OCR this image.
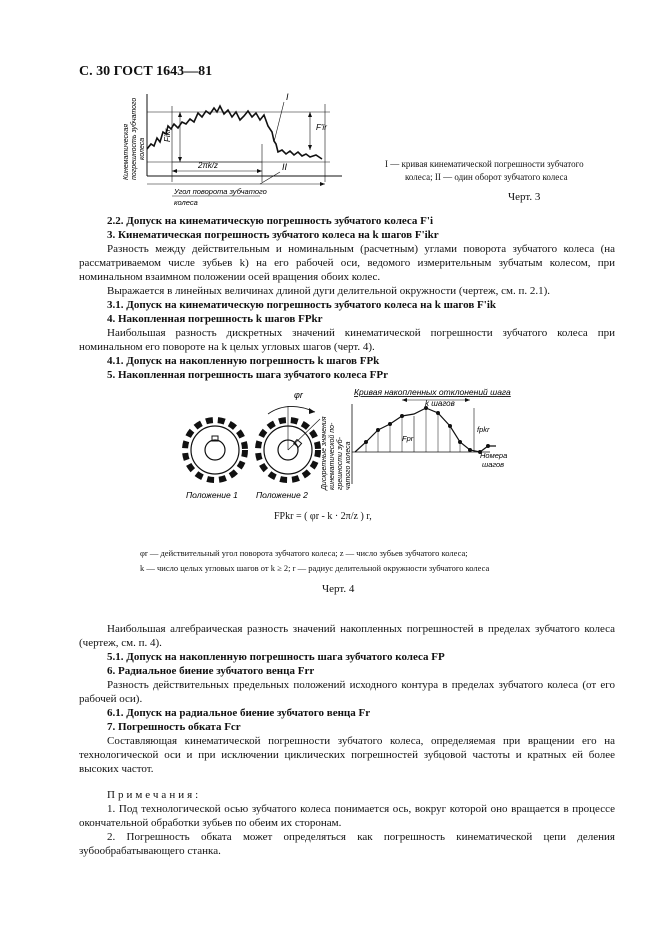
С. 30 ГОСТ 1643—81
Fikr
2πk/z
I
II
F'ir
Угол поворота зубчатого
колеса
Кинематическая погрешность зубчатого колеса
I — кривая кинематической погрешности зубчатого
колеса; II — один оборот зубчатого колеса
Черт. 3

2.2. Допуск на кинематическую погрешность зубчатого колеса F'i

3. Кинематическая погрешность зубчатого колеса на k шагов F'ikr

Разность между действительным и номинальным (расчетным) углами поворота зубчатого колеса (на рассматриваемом числе зубьев k) на его рабочей оси, ведомого измерительным зубчатым колесом, при номинальном взаимном положении осей вращения обоих колес.

Выражается в линейных величинах длиной дуги делительной окружности (чертеж, см. п. 2.1).

3.1. Допуск на кинематическую погрешность зубчатого колеса на k шагов F'ik

4. Накопленная погрешность k шагов FPkr

Наибольшая разность дискретных значений кинематической погрешности зубчатого колеса при номинальном его повороте на k целых угловых шагов (черт. 4).

4.1. Допуск на накопленную погрешность k шагов FPk

5. Накопленная погрешность шага зубчатого колеса FPr

φr
Положение 1 Положение 2
Дискретные значения кинематической по- грешности зуб- чатого колеса
Кривая накопленных отклонений шага
k шагов
Fpr
fpkr
Номера
шагов
FPkr = ( φr - k · 2π/z ) r,

φr — действительный угол поворота зубчатого колеса; z — число зубьев зубчатого колеса;

k — число целых угловых шагов от k ≥ 2; r — радиус делительной окружности зубчатого колеса

Черт. 4

Наибольшая алгебраическая разность значений накопленных погрешностей в пределах зубчатого колеса (чертеж, см. п. 4).

5.1. Допуск на накопленную погрешность шага зубчатого колеса FP

6. Радиальное биение зубчатого венца Frr

Разность действительных предельных положений исходного контура в пределах зубчатого колеса (от его рабочей оси).

6.1. Допуск на радиальное биение зубчатого венца Fr

7. Погрешность обката Fcr

Составляющая кинематической погрешности зубчатого колеса, определяемая при вращении его на технологической оси и при исключении циклических погрешностей зубцовой частоты и кратных ей более высоких частот.

Примечания:

1. Под технологической осью зубчатого колеса понимается ось, вокруг которой оно вращается в процессе окончательной обработки зубьев по обеим их сторонам.

2. Погрешность обката может определяться как погрешность кинематической цепи деления зубообрабатывающего станка.
